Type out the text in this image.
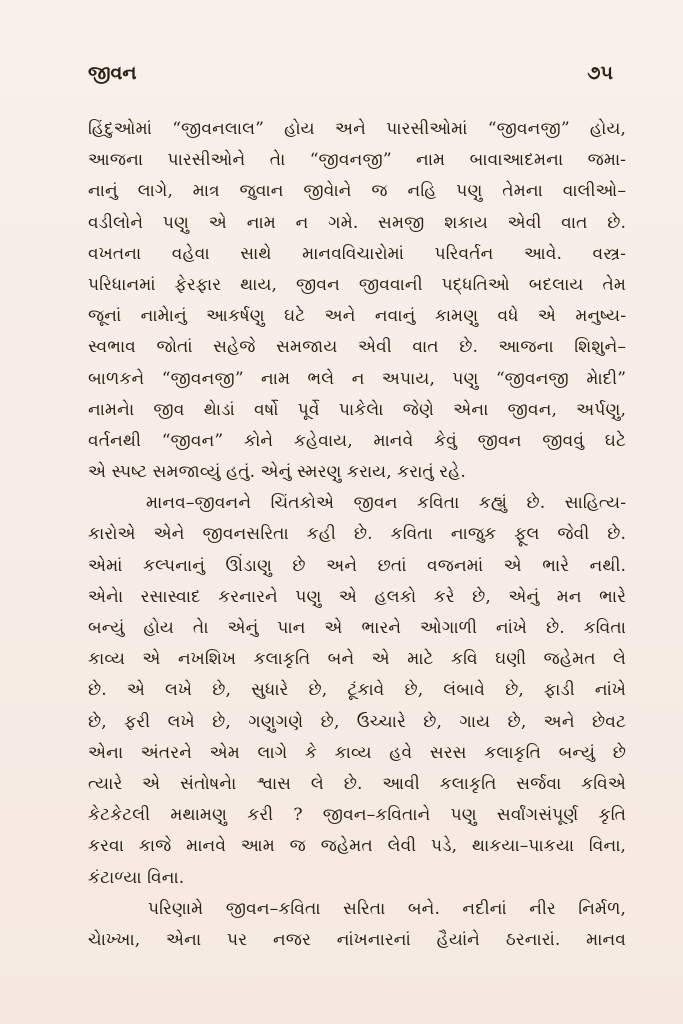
જીવન	૭૫
હિંદુઓમાં “જીવનલાલ” હોય અને પારસીઓમાં “જીવનજી” હોય,
આજના પારસીઓને તેા “જીવનજી” નામ બાવાઆદમના જમા-
નાનું લાગે, માત્ર જુવાન જીવેાને જ નહિ પણુ તેમના વાલીઓ–
વડીલોને પણુ એ નામ ન ગમે. સમજી શકાય એવી વાત છે.
વખતના વહેવા સાથે માનવવિચારોમાં પરિવર્તન આવે. વસ્ત્ર-
પરિધાનમાં ફેરફાર થાય, જીવન જીવવાની પદ્ધતિઓ બદલાય તેમ
જૂનાં નામેાનું આકર્ષણુ ઘટે અને નવાનું કામણુ વધે એ મનુષ્ય-
સ્વભાવ જોતાં સહેજે સમજાય એવી વાત છે. આજના શિશુને–
બાળકને “જીવનજી” નામ ભલે ન અપાય, પણુ “જીવનજી મેાદી”
નામનેા જીવ થેાડાં વર્ષો પૂર્વે પાકેલેા જેણે એના જીવન, અર્પણુ,
વર્તનથી “જીવન” કોને કહેવાય, માનવે કેવું જીવન જીવવું ઘટે
એ સ્પષ્ટ સમજાવ્યું હતું. એનું સ્મરણુ કરાય, કરાતું રહે.
માનવ–જીવનને ચિંતકોએ જીવન કવિતા કહ્યું છે. સાહિત્ય-
કારોએ એને જીવનસરિતા કહી છે. કવિતા નાજુક ફૂલ જેવી છે.
એમાં કલ્પનાનું ઊંડાણુ છે અને છતાં વજનમાં એ ભારે નથી.
એનેા રસાસ્વાદ કરનારને પણુ એ હલકો કરે છે, એનું મન ભારે
બન્યું હોય તેા એનું પાન એ ભારને ઓગાળી નાંખે છે. કવિતા
કાવ્ય એ નખશિખ કલાકૃતિ બને એ માટે કવિ ઘણી જહેમત લે
છે. એ લખે છે, સુધારે છે, ટૂંકાવે છે, લંબાવે છે, ફાડી નાંખે
છે, ફરી લખે છે, ગણુગણે છે, ઉચ્ચારે છે, ગાય છે, અને છેવટ
એના અંતરને એમ લાગે કે કાવ્ય હવે સરસ કલાકૃતિ બન્યું છે
ત્યારે એ સંતોષનેા શ્વાસ લે છે. આવી કલાકૃતિ સર્જવા કવિએ
કેટકેટલી મથામણુ કરી ? જીવન–કવિતાને પણુ સર્વાંગસંપૂર્ણ કૃતિ
કરવા કાજે માનવે આમ જ જહેમત લેવી પડે, થાકયા–પાકયા વિના,
કંટાળ્યા વિના.
પરિણામે જીવન–કવિતા સરિતા બને. નદીનાં નીર નિર્મળ,
ચેાખ્ખા, એના પર નજર નાંખનારનાં હૈયાંને ઠરનારાં. માનવ
